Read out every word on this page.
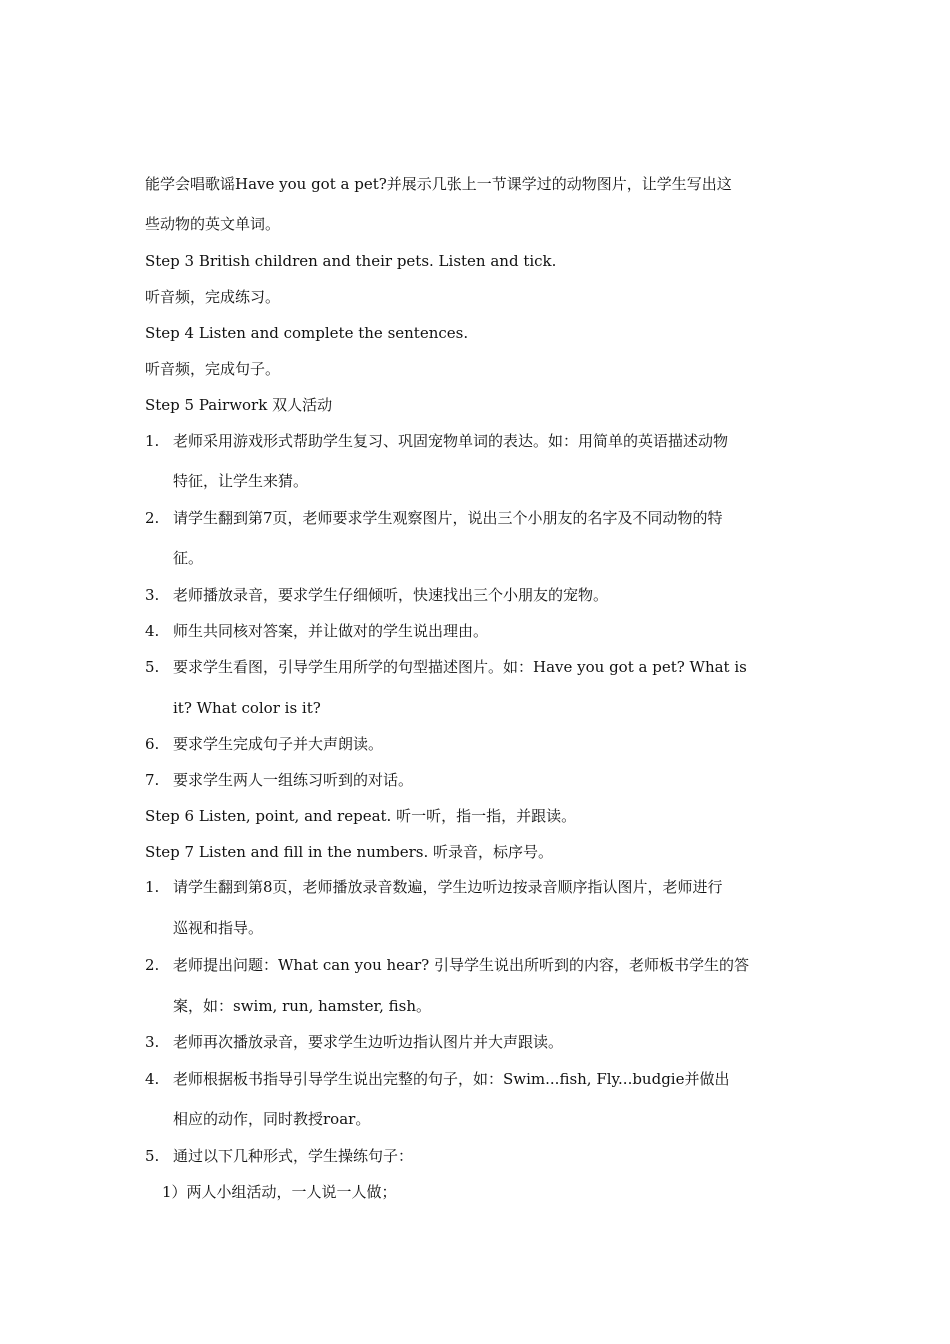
能学会唱歌谣Have you got a pet?并展示几张上一节课学过的动物图片，让学生写出这
些动物的英文单词。
Step 3 British children and their pets. Listen and tick.
听音频，完成练习。
Step 4 Listen and complete the sentences.
听音频，完成句子。
Step 5 Pairwork 双人活动
1. 老师采用游戏形式帮助学生复习、巩固宠物单词的表达。如：用简单的英语描述动物
特征，让学生来猜。
2. 请学生翻到第7页，老师要求学生观察图片，说出三个小朋友的名字及不同动物的特
征。
3. 老师播放录音，要求学生仔细倾听，快速找出三个小朋友的宠物。
4. 师生共同核对答案，并让做对的学生说出理由。
5. 要求学生看图，引导学生用所学的句型描述图片。如：Have you got a pet? What is
it? What color is it?
6. 要求学生完成句子并大声朗读。
7. 要求学生两人一组练习听到的对话。
Step 6 Listen, point, and repeat. 听一听，指一指，并跟读。
Step 7 Listen and fill in the numbers. 听录音，标序号。
1. 请学生翻到第8页，老师播放录音数遍，学生边听边按录音顺序指认图片，老师进行
巡视和指导。
2. 老师提出问题：What can you hear? 引导学生说出所听到的内容，老师板书学生的答
案，如：swim, run, hamster, fish。
3. 老师再次播放录音，要求学生边听边指认图片并大声跟读。
4. 老师根据板书指导引导学生说出完整的句子，如：Swim...fish, Fly...budgie并做出
相应的动作，同时教授roar。
5. 通过以下几种形式，学生操练句子：
1）两人小组活动，一人说一人做；
